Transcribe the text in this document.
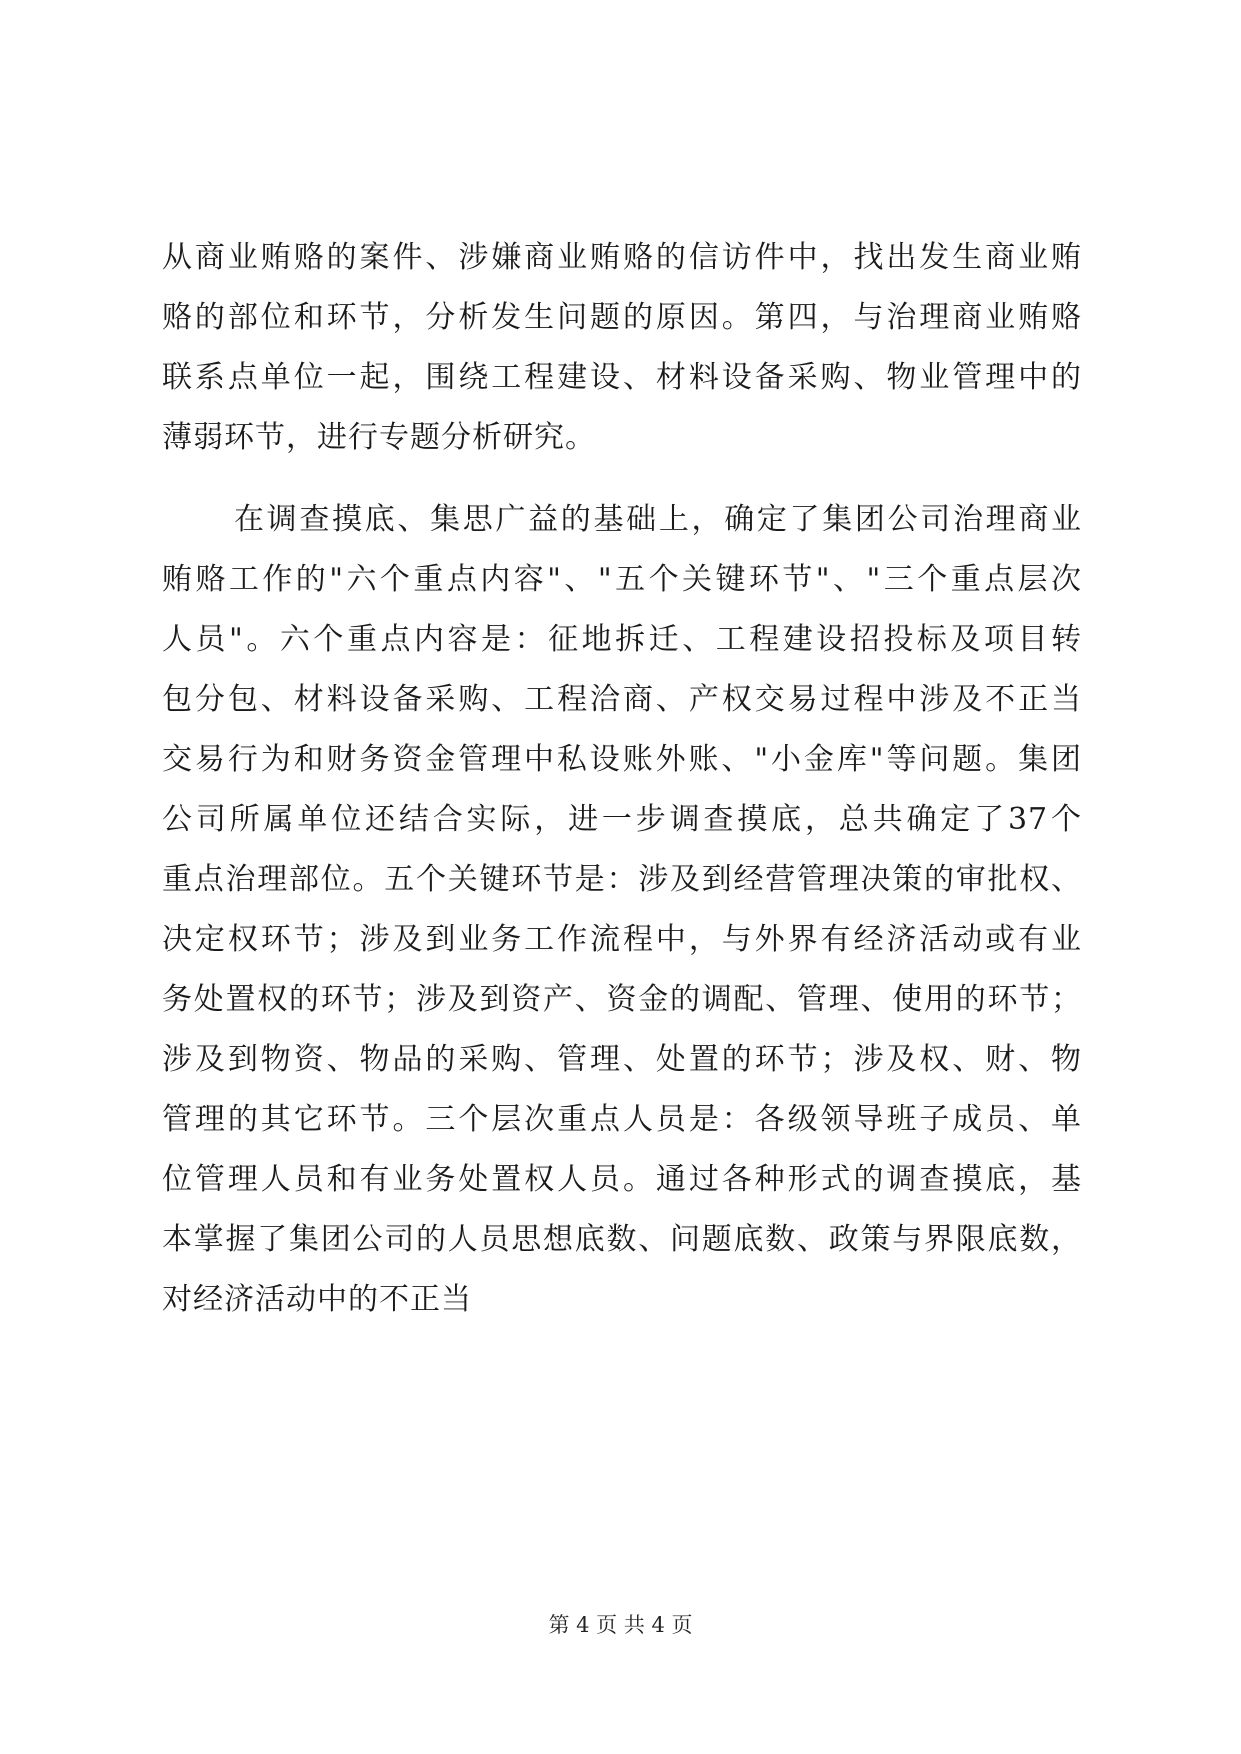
从商业贿赂的案件、涉嫌商业贿赂的信访件中，找出发生商业贿
赂的部位和环节，分析发生问题的原因。第四，与治理商业贿赂
联系点单位一起，围绕工程建设、材料设备采购、物业管理中的
薄弱环节，进行专题分析研究。
在调查摸底、集思广益的基础上，确定了集团公司治理商业
贿赂工作的"六个重点内容"、"五个关键环节"、"三个重点层次
人员"。六个重点内容是：征地拆迁、工程建设招投标及项目转
包分包、材料设备采购、工程洽商、产权交易过程中涉及不正当
交易行为和财务资金管理中私设账外账、"小金库"等问题。集团
公司所属单位还结合实际，进一步调查摸底，总共确定了37个
重点治理部位。五个关键环节是：涉及到经营管理决策的审批权、
决定权环节；涉及到业务工作流程中，与外界有经济活动或有业
务处置权的环节；涉及到资产、资金的调配、管理、使用的环节；
涉及到物资、物品的采购、管理、处置的环节；涉及权、财、物
管理的其它环节。三个层次重点人员是：各级领导班子成员、单
位管理人员和有业务处置权人员。通过各种形式的调查摸底，基
本掌握了集团公司的人员思想底数、问题底数、政策与界限底数，
对经济活动中的不正当
第 4 页 共 4 页
